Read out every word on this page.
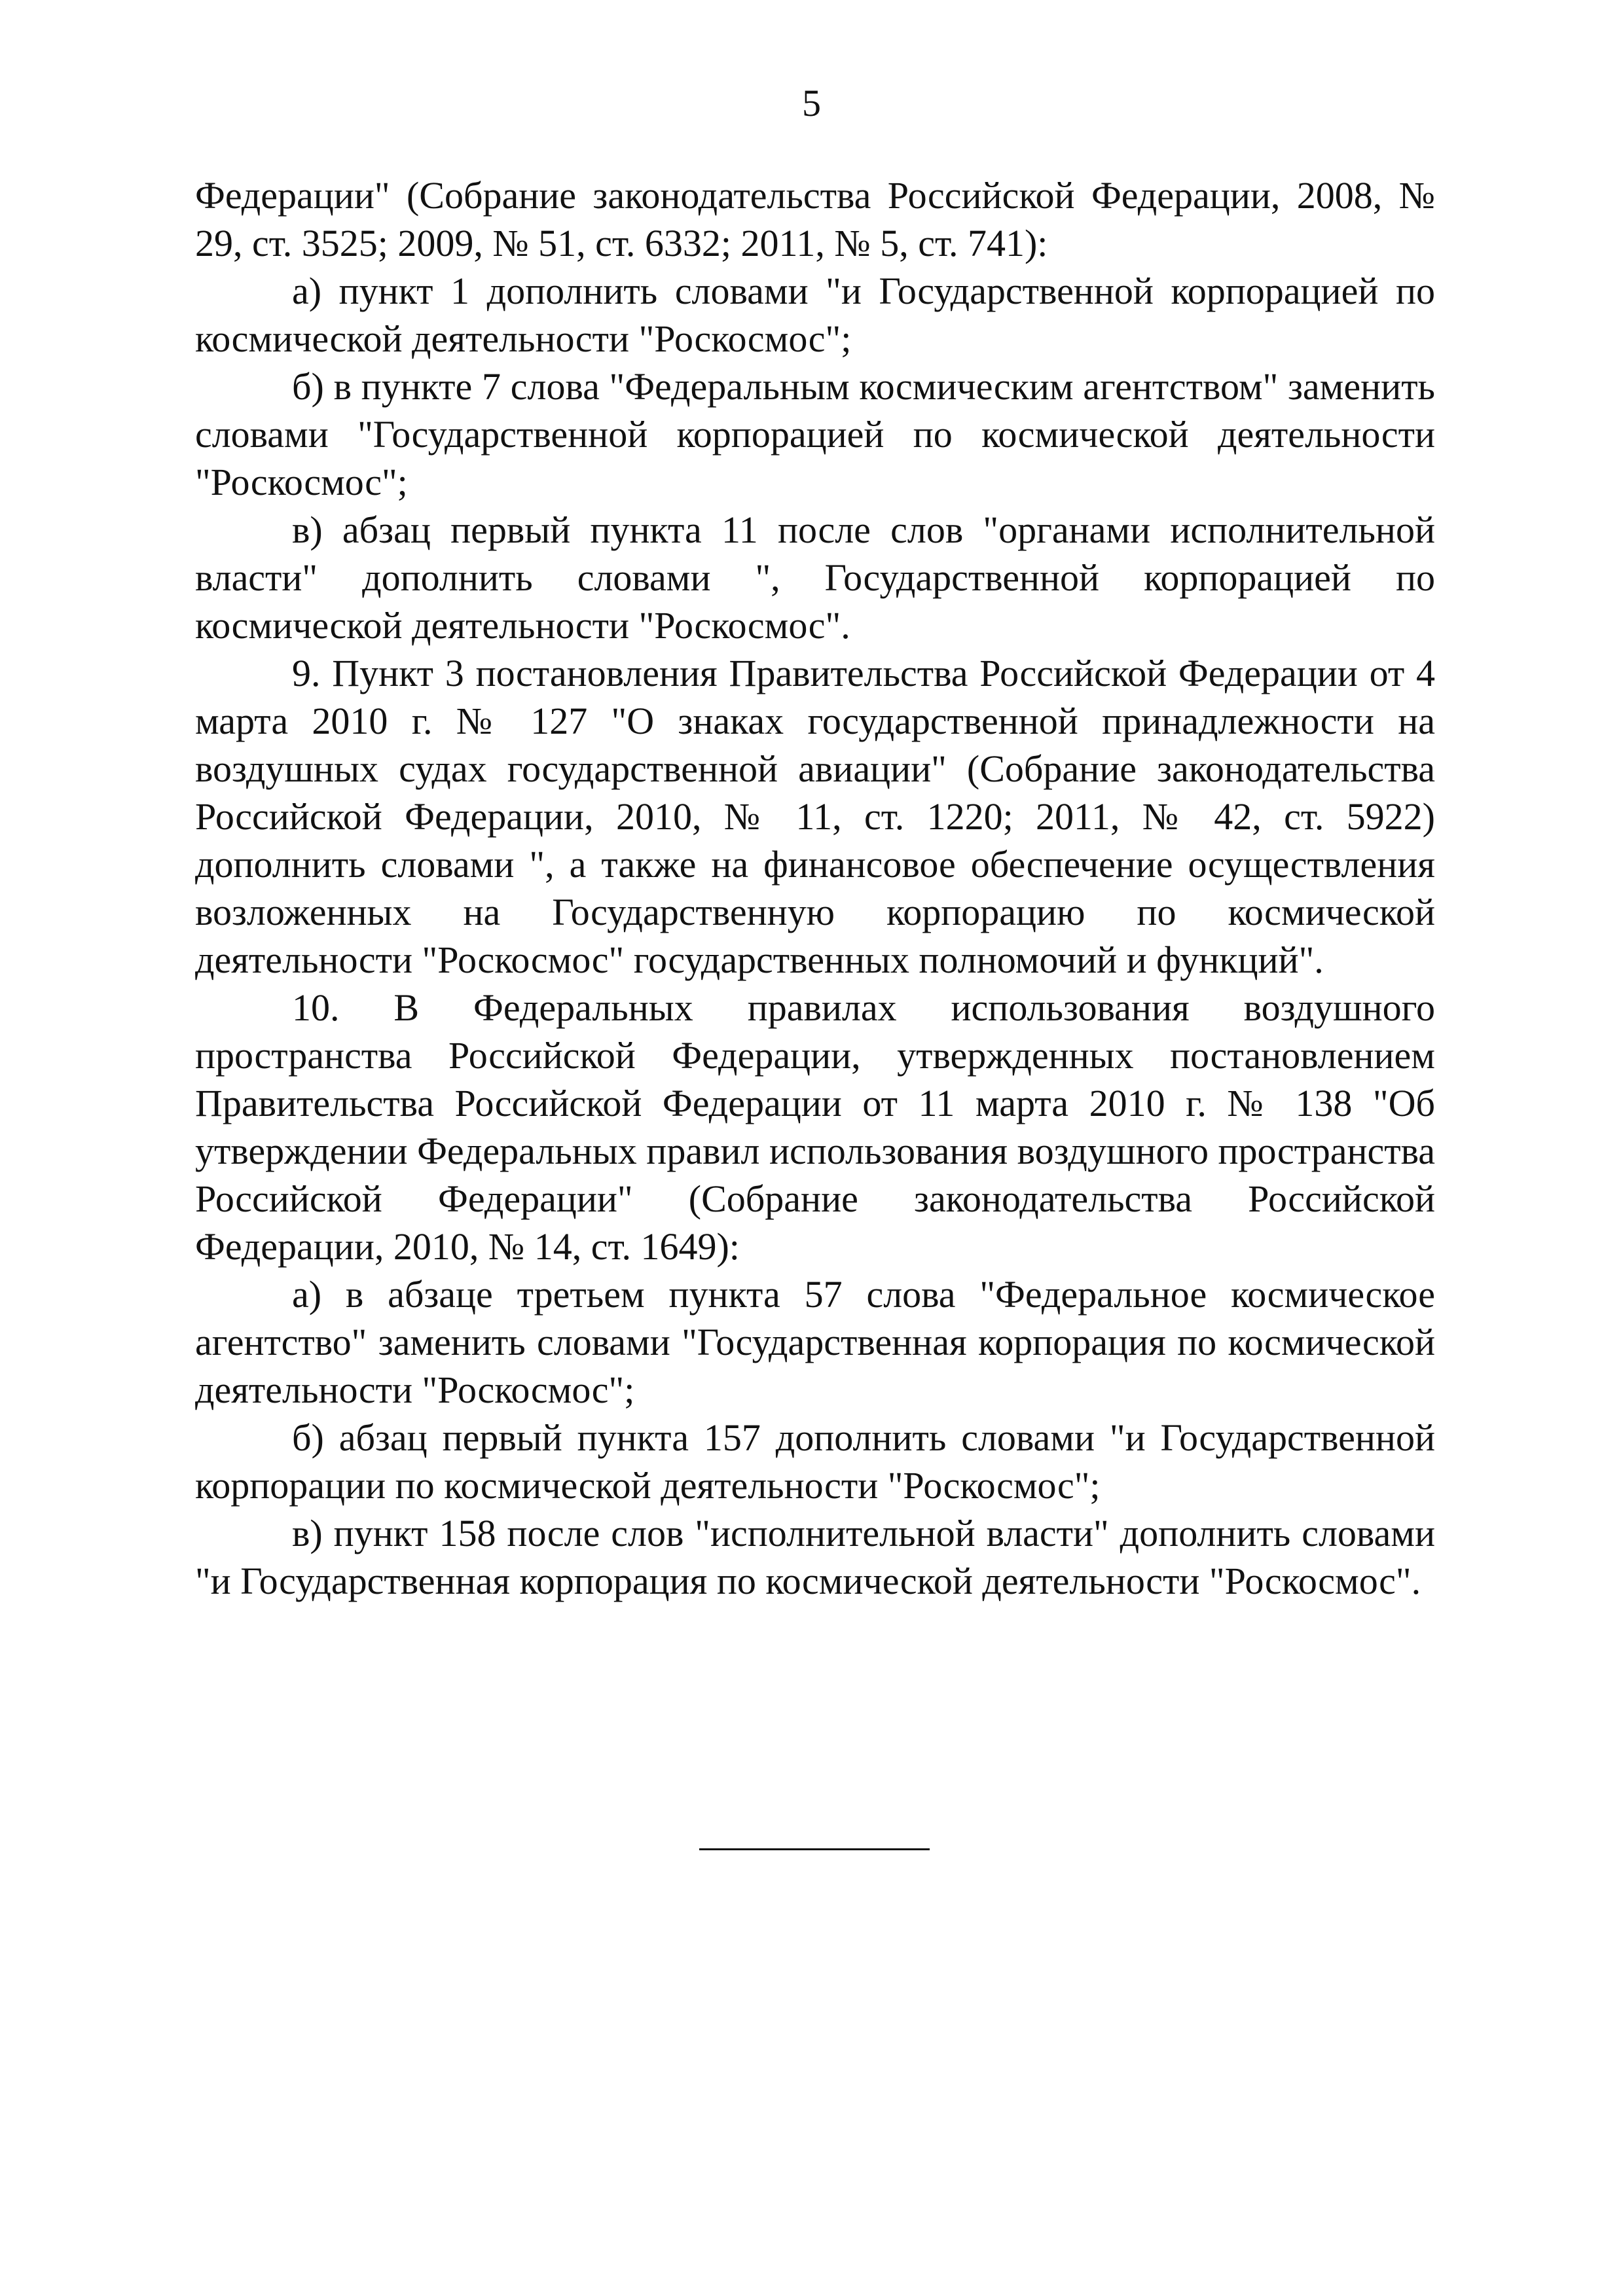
5

Федерации" (Собрание законодательства Российской Федерации, 2008, № 29, ст. 3525; 2009, № 51, ст. 6332; 2011, № 5, ст. 741):

а) пункт 1 дополнить словами "и Государственной корпорацией по космической деятельности "Роскосмос";

б) в пункте 7 слова "Федеральным космическим агентством" заменить словами "Государственной корпорацией по космической деятельности "Роскосмос";

в) абзац первый пункта 11 после слов "органами исполнительной власти" дополнить словами ", Государственной корпорацией по космической деятельности "Роскосмос".

9. Пункт 3 постановления Правительства Российской Федерации от 4 марта 2010 г. № 127 "О знаках государственной принадлежности на воздушных судах государственной авиации" (Собрание законодательства Российской Федерации, 2010, № 11, ст. 1220; 2011, № 42, ст. 5922) дополнить словами ", а также на финансовое обеспечение осуществления возложенных на Государственную корпорацию по космической деятельности "Роскосмос" государственных полномочий и функций".

10. В Федеральных правилах использования воздушного пространства Российской Федерации, утвержденных постановлением Правительства Российской Федерации от 11 марта 2010 г. № 138 "Об утверждении Федеральных правил использования воздушного пространства Российской Федерации" (Собрание законодательства Российской Федерации, 2010, № 14, ст. 1649):

а) в абзаце третьем пункта 57 слова "Федеральное космическое агентство" заменить словами "Государственная корпорация по космической деятельности "Роскосмос";

б) абзац первый пункта 157 дополнить словами "и Государственной корпорации по космической деятельности "Роскосмос";

в) пункт 158 после слов "исполнительной власти" дополнить словами "и Государственная корпорация по космической деятельности "Роскосмос".
